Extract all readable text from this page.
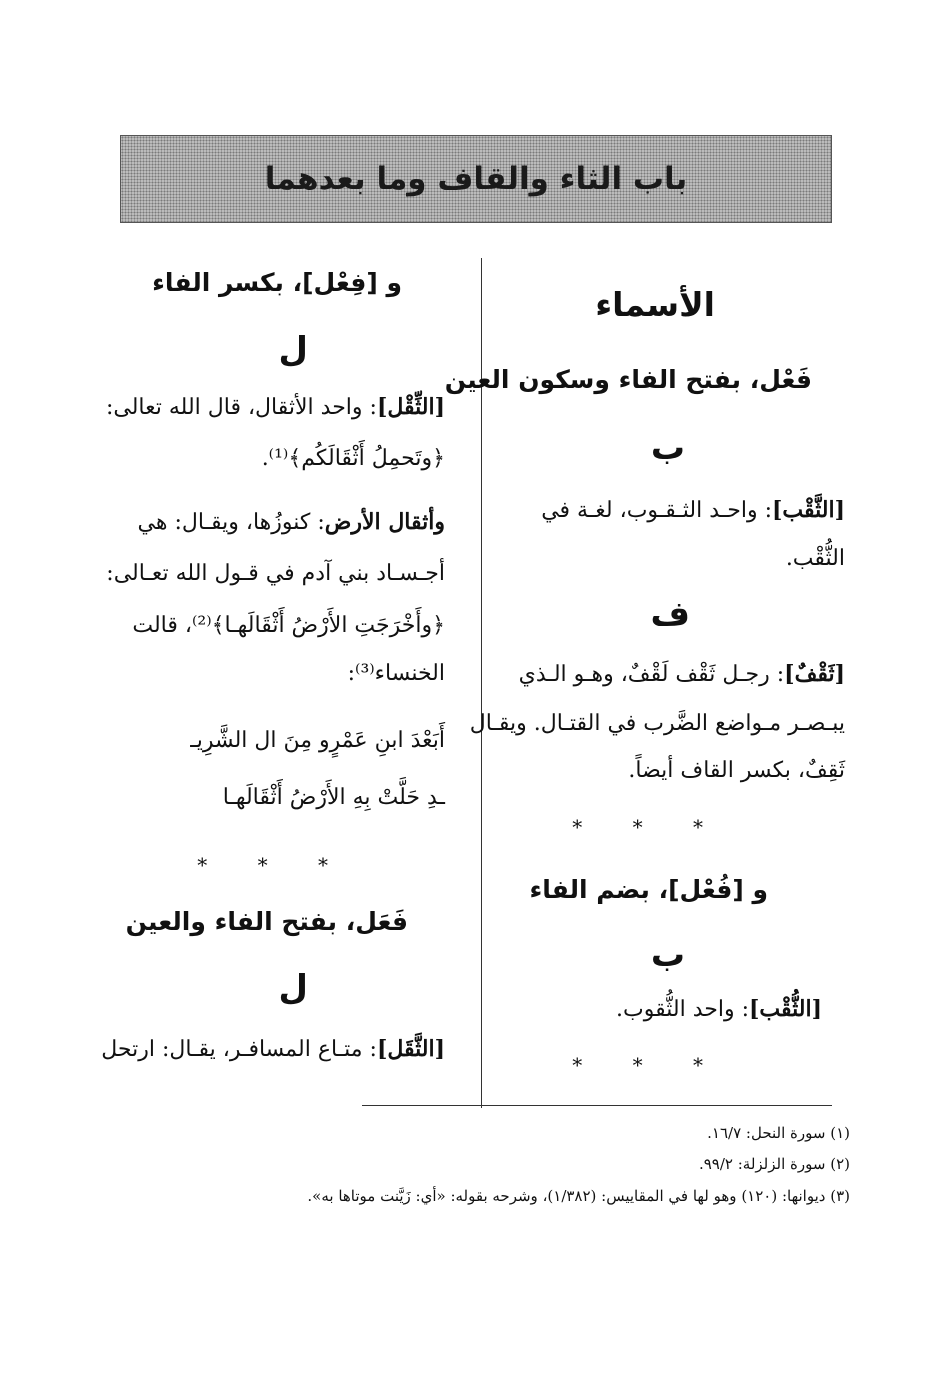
باب الثاء والقاف وما بعدهما

الأسماء

فَعْل، بفتح الفاء وسكون العين

ب

[الثَّقْب]: واحـد الثـقـوب، لغـة في

الثُّقْب.

ف

[ثَقْفٌ]: رجـل ثَقْف لَقْفٌ، وهـو الـذي

يبـصـر مـواضع الضَّرب في القتـال. ويقـال

ثَقِفٌ، بكسر القاف أيضاً.

* * *

و [فُعْل]، بضم الفاء

ب

[الثُّقْب]: واحد الثُّقوب.

* * *

و [فِعْل]، بكسر الفاء

ل

[الثِّقْل]: واحد الأثقال، قال الله تعالى:

﴿وتَحمِلُ أَثْقَالَكُم﴾⁽¹⁾.

وأثقال الأرض: كنوزُها، ويقـال: هي

أجـسـاد بني آدم في قـول الله تعـالى:

﴿وأَخْرَجَتِ الأَرْضُ أَثْقَالَهـا﴾⁽²⁾، قالت

الخنساء⁽³⁾:

أَبَعْدَ ابنِ عَمْرٍو مِنَ ال الشَّرِيـ

ـدِ حَلَّتْ بِهِ الأَرْضُ أَثْقَالَهـا

* * *

فَعَل، بفتح الفاء والعين

ل

[الثَّقَل]: متـاع المسافـر، يقـال: ارتحل

(١) سورة النحل: ١٦/٧.

(٢) سورة الزلزلة: ٩٩/٢.

(٣) ديوانها: (١٢٠) وهو لها في المقاييس: (١/٣٨٢)، وشرحه بقوله: «أي: زَيَّنت موتاها به».
